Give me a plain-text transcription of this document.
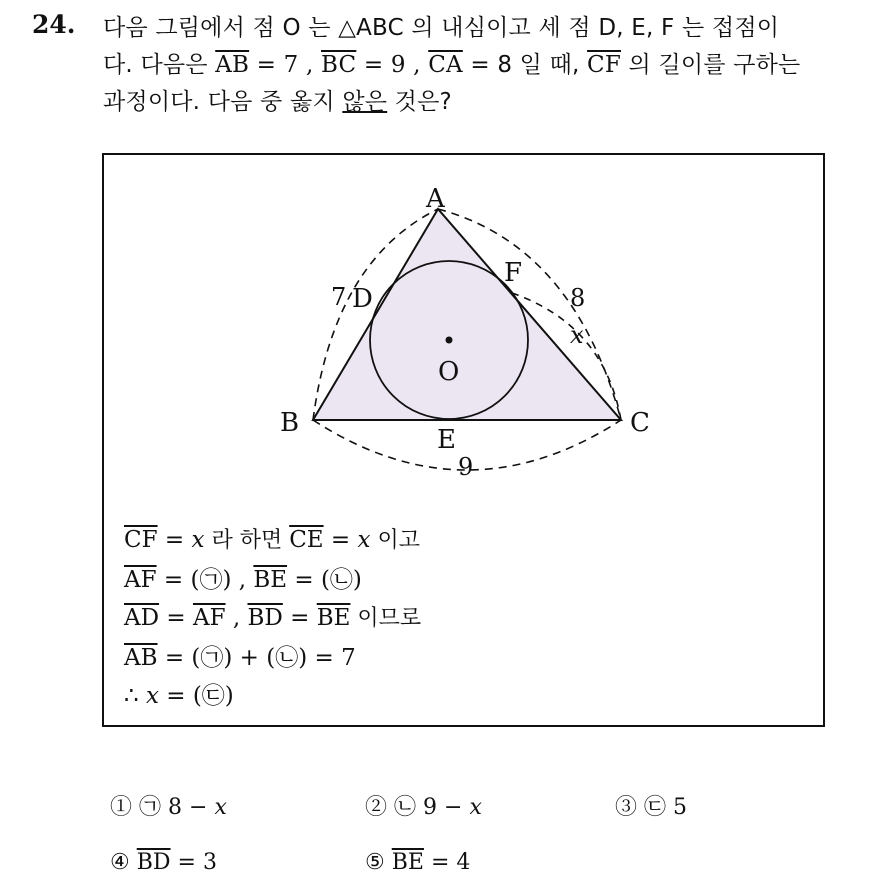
24. 다음 그림에서 점 O 는 △ABC 의 내심이고 세 점 D, E, F 는 접점이
다. 다음은 $\overline{AB} = 7$ , $\overline{BC} = 9$ , $\overline{CA} = 8$ 일 때, $\overline{CF}$ 의 길이를 구하는
과정이다. 다음 중 옳지 않은 것은?
A
B	C
D
E
F
O
7	8
9
x
$\overline{CF} = x$ 라 하면 $\overline{CE} = x$ 이고
$\overline{AF}$ = (㉠) , $\overline{BE}$ = (㉡)
$\overline{AD} = \overline{AF}$ , $\overline{BD} = \overline{BE}$ 이므로
$\overline{AB}$ = (㉠) + (㉡) = 7
∴ x = (㉢)
① ㉠ 8 − x	② ㉡ 9 − x	③ ㉢ 5
④ $\overline{BD} = 3$	⑤ $\overline{BE} = 4$
